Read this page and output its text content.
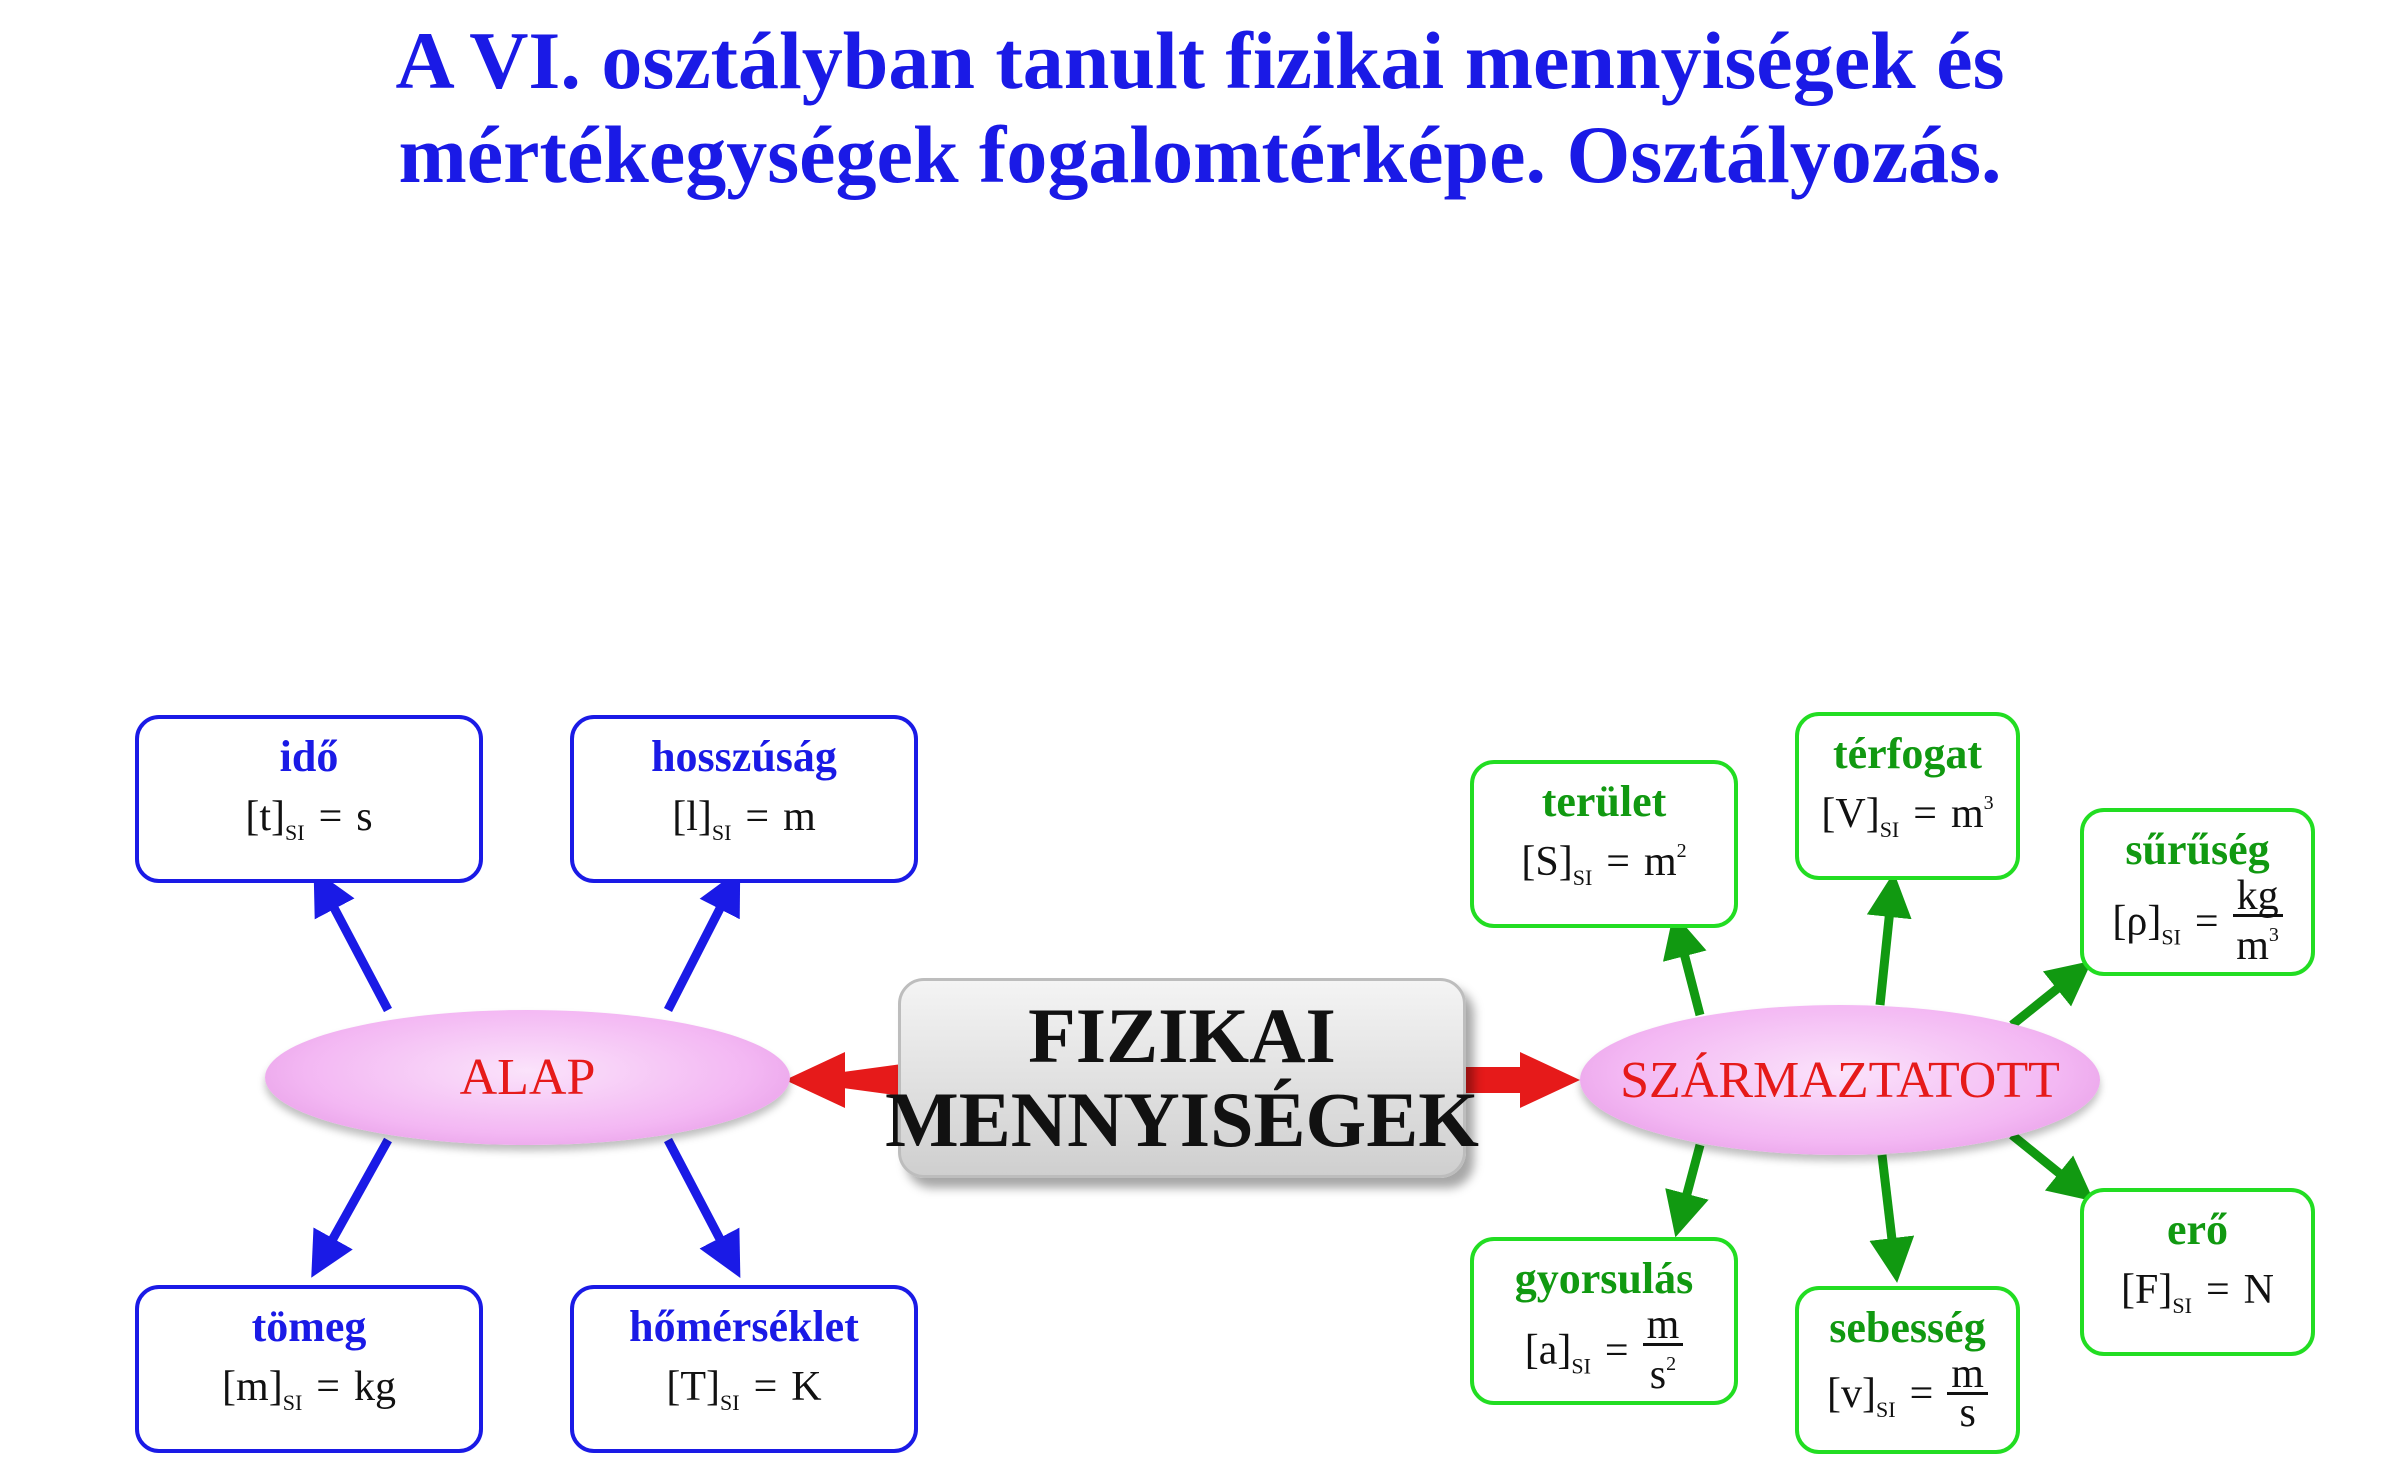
A VI. osztályban tanult fizikai mennyiségek és
mértékegységek fogalomtérképe. Osztályozás.
FIZIKAI
MENNYISÉGEK
ALAP	SZÁRMAZTATOTT
idő
$[t]_{SI} = s$
hosszúság
$[l]_{SI} = m$
tömeg
$[m]_{SI}$ = kg
hőmérséklet
$[T]_{SI} = K$
terület
$[S]_{SI} = m^2$
térfogat
$[V]_{SI} = m^3$
sűrűség
$[\rho]_{SI} = \frac{kg}{m^3}$
gyorsulás
$[a]_{SI} = \frac{m}{s^2}$	sebesség
$[v]_{SI} = \frac{m}{s}$
erő
$[F]_{SI} = N$
